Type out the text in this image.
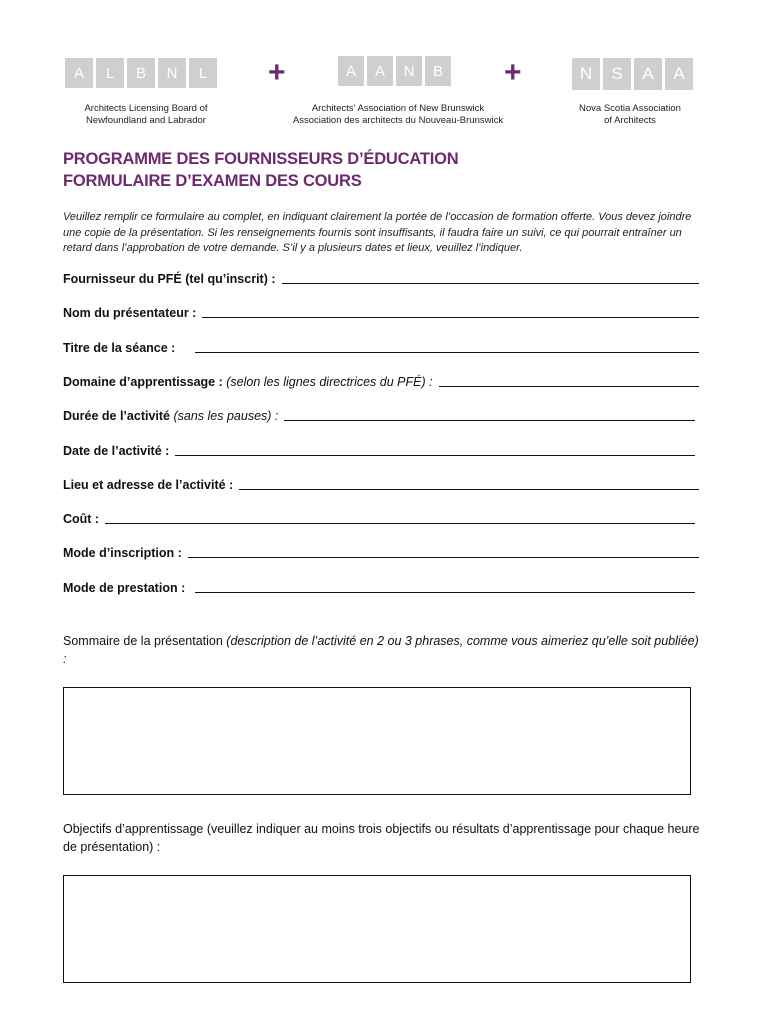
A	L	B	N	L	+	A	A	N	B +	N	S	A	A
Architects Licensing Board of
Newfoundland and Labrador
Architects' Association of New Brunswick
Association des architects du Nouveau-Brunswick
Nova Scotia Association
of Architects
PROGRAMME DES FOURNISSEURS D’ÉDUCATION
FORMULAIRE D’EXAMEN DES COURS

Veuillez remplir ce formulaire au complet, en indiquant clairement la portée de l’occasion de formation offerte. Vous devez joindre une copie de la présentation. Si les renseignements fournis sont insuffisants, il faudra faire un suivi, ce qui pourrait entraîner un retard dans l’approbation de votre demande. S’il y a plusieurs dates et lieux, veuillez l’indiquer.

Fournisseur du PFÉ (tel qu’inscrit) :
Nom du présentateur :
Titre de la séance :
Domaine d’apprentissage : (selon les lignes directrices du PFÉ) :
Durée de l’activité (sans les pauses) :
Date de l’activité :
Lieu et adresse de l’activité :
Coût :
Mode d’inscription :
Mode de prestation :

Sommaire de la présentation (description de l’activité en 2 ou 3 phrases, comme vous aimeriez qu’elle soit publiée) :

Objectifs d’apprentissage (veuillez indiquer au moins trois objectifs ou résultats d’apprentissage pour chaque heure de présentation) :
